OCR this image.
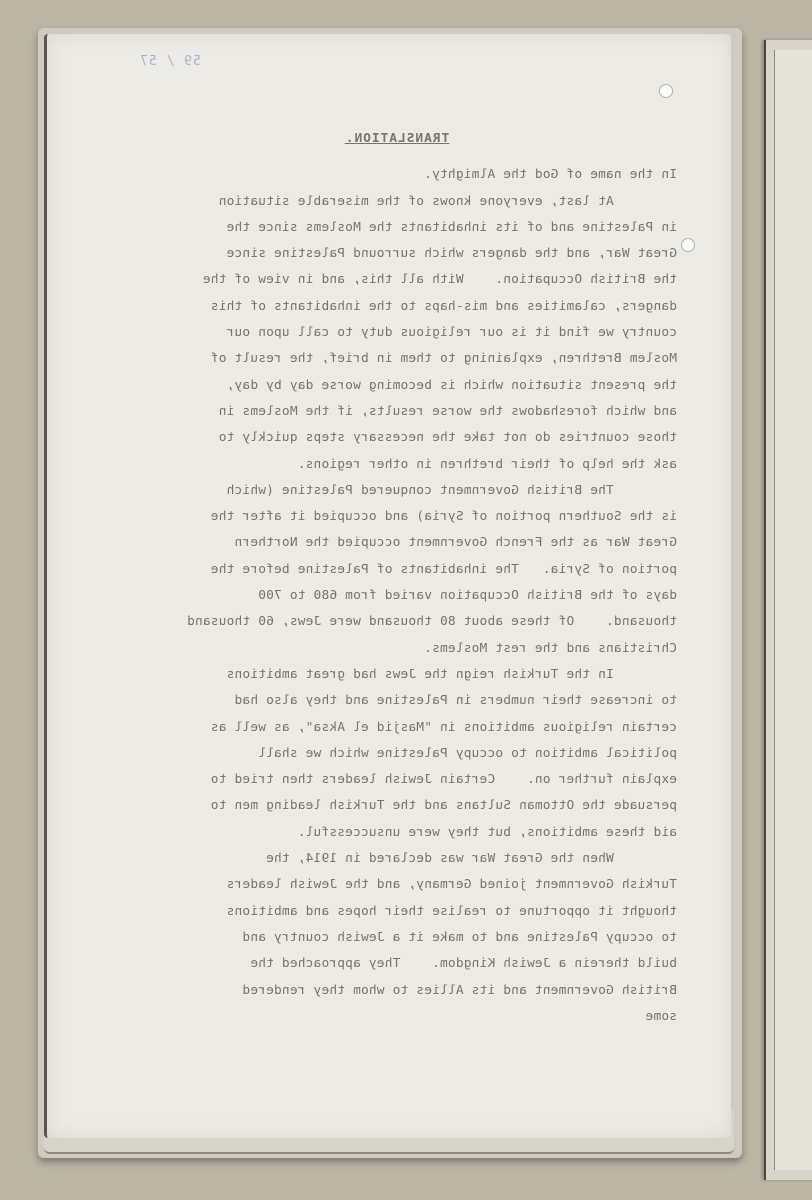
59 / 57
TRANSLATION.
In the name of God the Almighty.
At last, everyone knows of the miserable situation
in Palestine and of its inhabitants the Moslems since the
Great War, and the dangers which surround Palestine since
the British Occupation.    With all this, and in view of the
dangers, calamities and mis-haps to the inhabitants of this
country we find it is our religious duty to call upon our
Moslem Brethren, explaining to them in brief, the result of
the present situation which is becoming worse day by day,
and which foreshadows the worse results, if the Moslems in
those countries do not take the necessary steps quickly to
ask the help of their brethren in other regions.
The British Government conquered Palestine (which
is the Southern portion of Syria) and occupied it after the
Great War as the French Government occupied the Northern
portion of Syria.   The inhabitants of Palestine before the
days of the British Occupation varied from 680 to 700
thousand.    Of these about 80 thousand were Jews, 60 thousand
Christians and the rest Moslems.
In the Turkish reign the Jews had great ambitions
to increase their numbers in Palestine and they also had
certain religious ambitions in "Masjid el Aksa", as well as
political ambition to occupy Palestine which we shall
explain further on.    Certain Jewish leaders then tried to
persuade the Ottoman Sultans and the Turkish leading men to
aid these ambitions, but they were unsuccessful.
When the Great War was declared in 1914, the
Turkish Government joined Germany, and the Jewish leaders
thought it opportune to realise their hopes and ambitions
to occupy Palestine and to make it a Jewish country and
build therein a Jewish Kingdom.    They approached the
British Government and its Allies to whom they rendered
some
